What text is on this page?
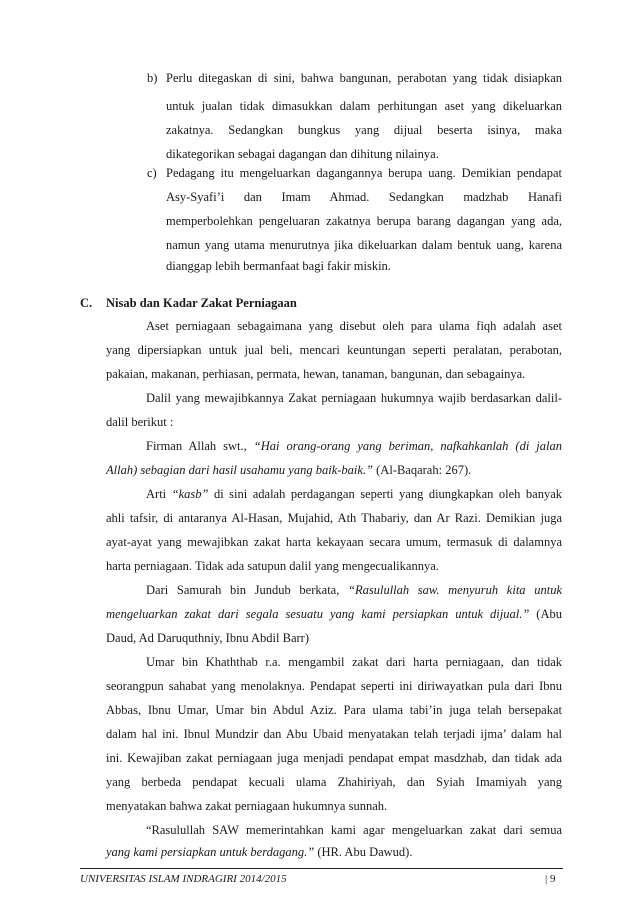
b) Perlu ditegaskan di sini, bahwa bangunan, perabotan yang tidak disiapkan
untuk jualan tidak dimasukkan dalam perhitungan aset yang dikeluarkan
zakatnya. Sedangkan bungkus yang dijual beserta isinya, maka
dikategorikan sebagai dagangan dan dihitung nilainya.
c) Pedagang itu mengeluarkan dagangannya berupa uang. Demikian pendapat
Asy-Syafi’i dan Imam Ahmad. Sedangkan madzhab Hanafi
memperbolehkan pengeluaran zakatnya berupa barang dagangan yang ada,
namun yang utama menurutnya jika dikeluarkan dalam bentuk uang, karena
dianggap lebih bermanfaat bagi fakir miskin.
C. Nisab dan Kadar Zakat Perniagaan
Aset perniagaan sebagaimana yang disebut oleh para ulama fiqh adalah aset
yang dipersiapkan untuk jual beli, mencari keuntungan seperti peralatan, perabotan,
pakaian, makanan, perhiasan, permata, hewan, tanaman, bangunan, dan sebagainya.
Dalil yang mewajibkannya Zakat perniagaan hukumnya wajib berdasarkan dalil-
dalil berikut :
Firman Allah swt., “Hai orang-orang yang beriman, nafkahkanlah (di jalan
Allah) sebagian dari hasil usahamu yang baik-baik.” (Al-Baqarah: 267).
Arti “kasb” di sini adalah perdagangan seperti yang diungkapkan oleh banyak
ahli tafsir, di antaranya Al-Hasan, Mujahid, Ath Thabariy, dan Ar Razi. Demikian juga
ayat-ayat yang mewajibkan zakat harta kekayaan secara umum, termasuk di dalamnya
harta perniagaan. Tidak ada satupun dalil yang mengecualikannya.
Dari Samurah bin Jundub berkata, “Rasulullah saw. menyuruh kita untuk
mengeluarkan zakat dari segala sesuatu yang kami persiapkan untuk dijual.” (Abu
Daud, Ad Daruquthniy, Ibnu Abdil Barr)
Umar bin Khaththab r.a. mengambil zakat dari harta perniagaan, dan tidak
seorangpun sahabat yang menolaknya. Pendapat seperti ini diriwayatkan pula dari Ibnu
Abbas, Ibnu Umar, Umar bin Abdul Aziz. Para ulama tabi’in juga telah bersepakat
dalam hal ini. Ibnul Mundzir dan Abu Ubaid menyatakan telah terjadi ijma’ dalam hal
ini. Kewajiban zakat perniagaan juga menjadi pendapat empat masdzhab, dan tidak ada
yang berbeda pendapat kecuali ulama Zhahiriyah, dan Syiah Imamiyah yang
menyatakan bahwa zakat perniagaan hukumnya sunnah.
“Rasulullah SAW memerintahkan kami agar mengeluarkan zakat dari semua
yang kami persiapkan untuk berdagang.” (HR. Abu Dawud).
UNIVERSITAS ISLAM INDRAGIRI 2014/2015	| 9
